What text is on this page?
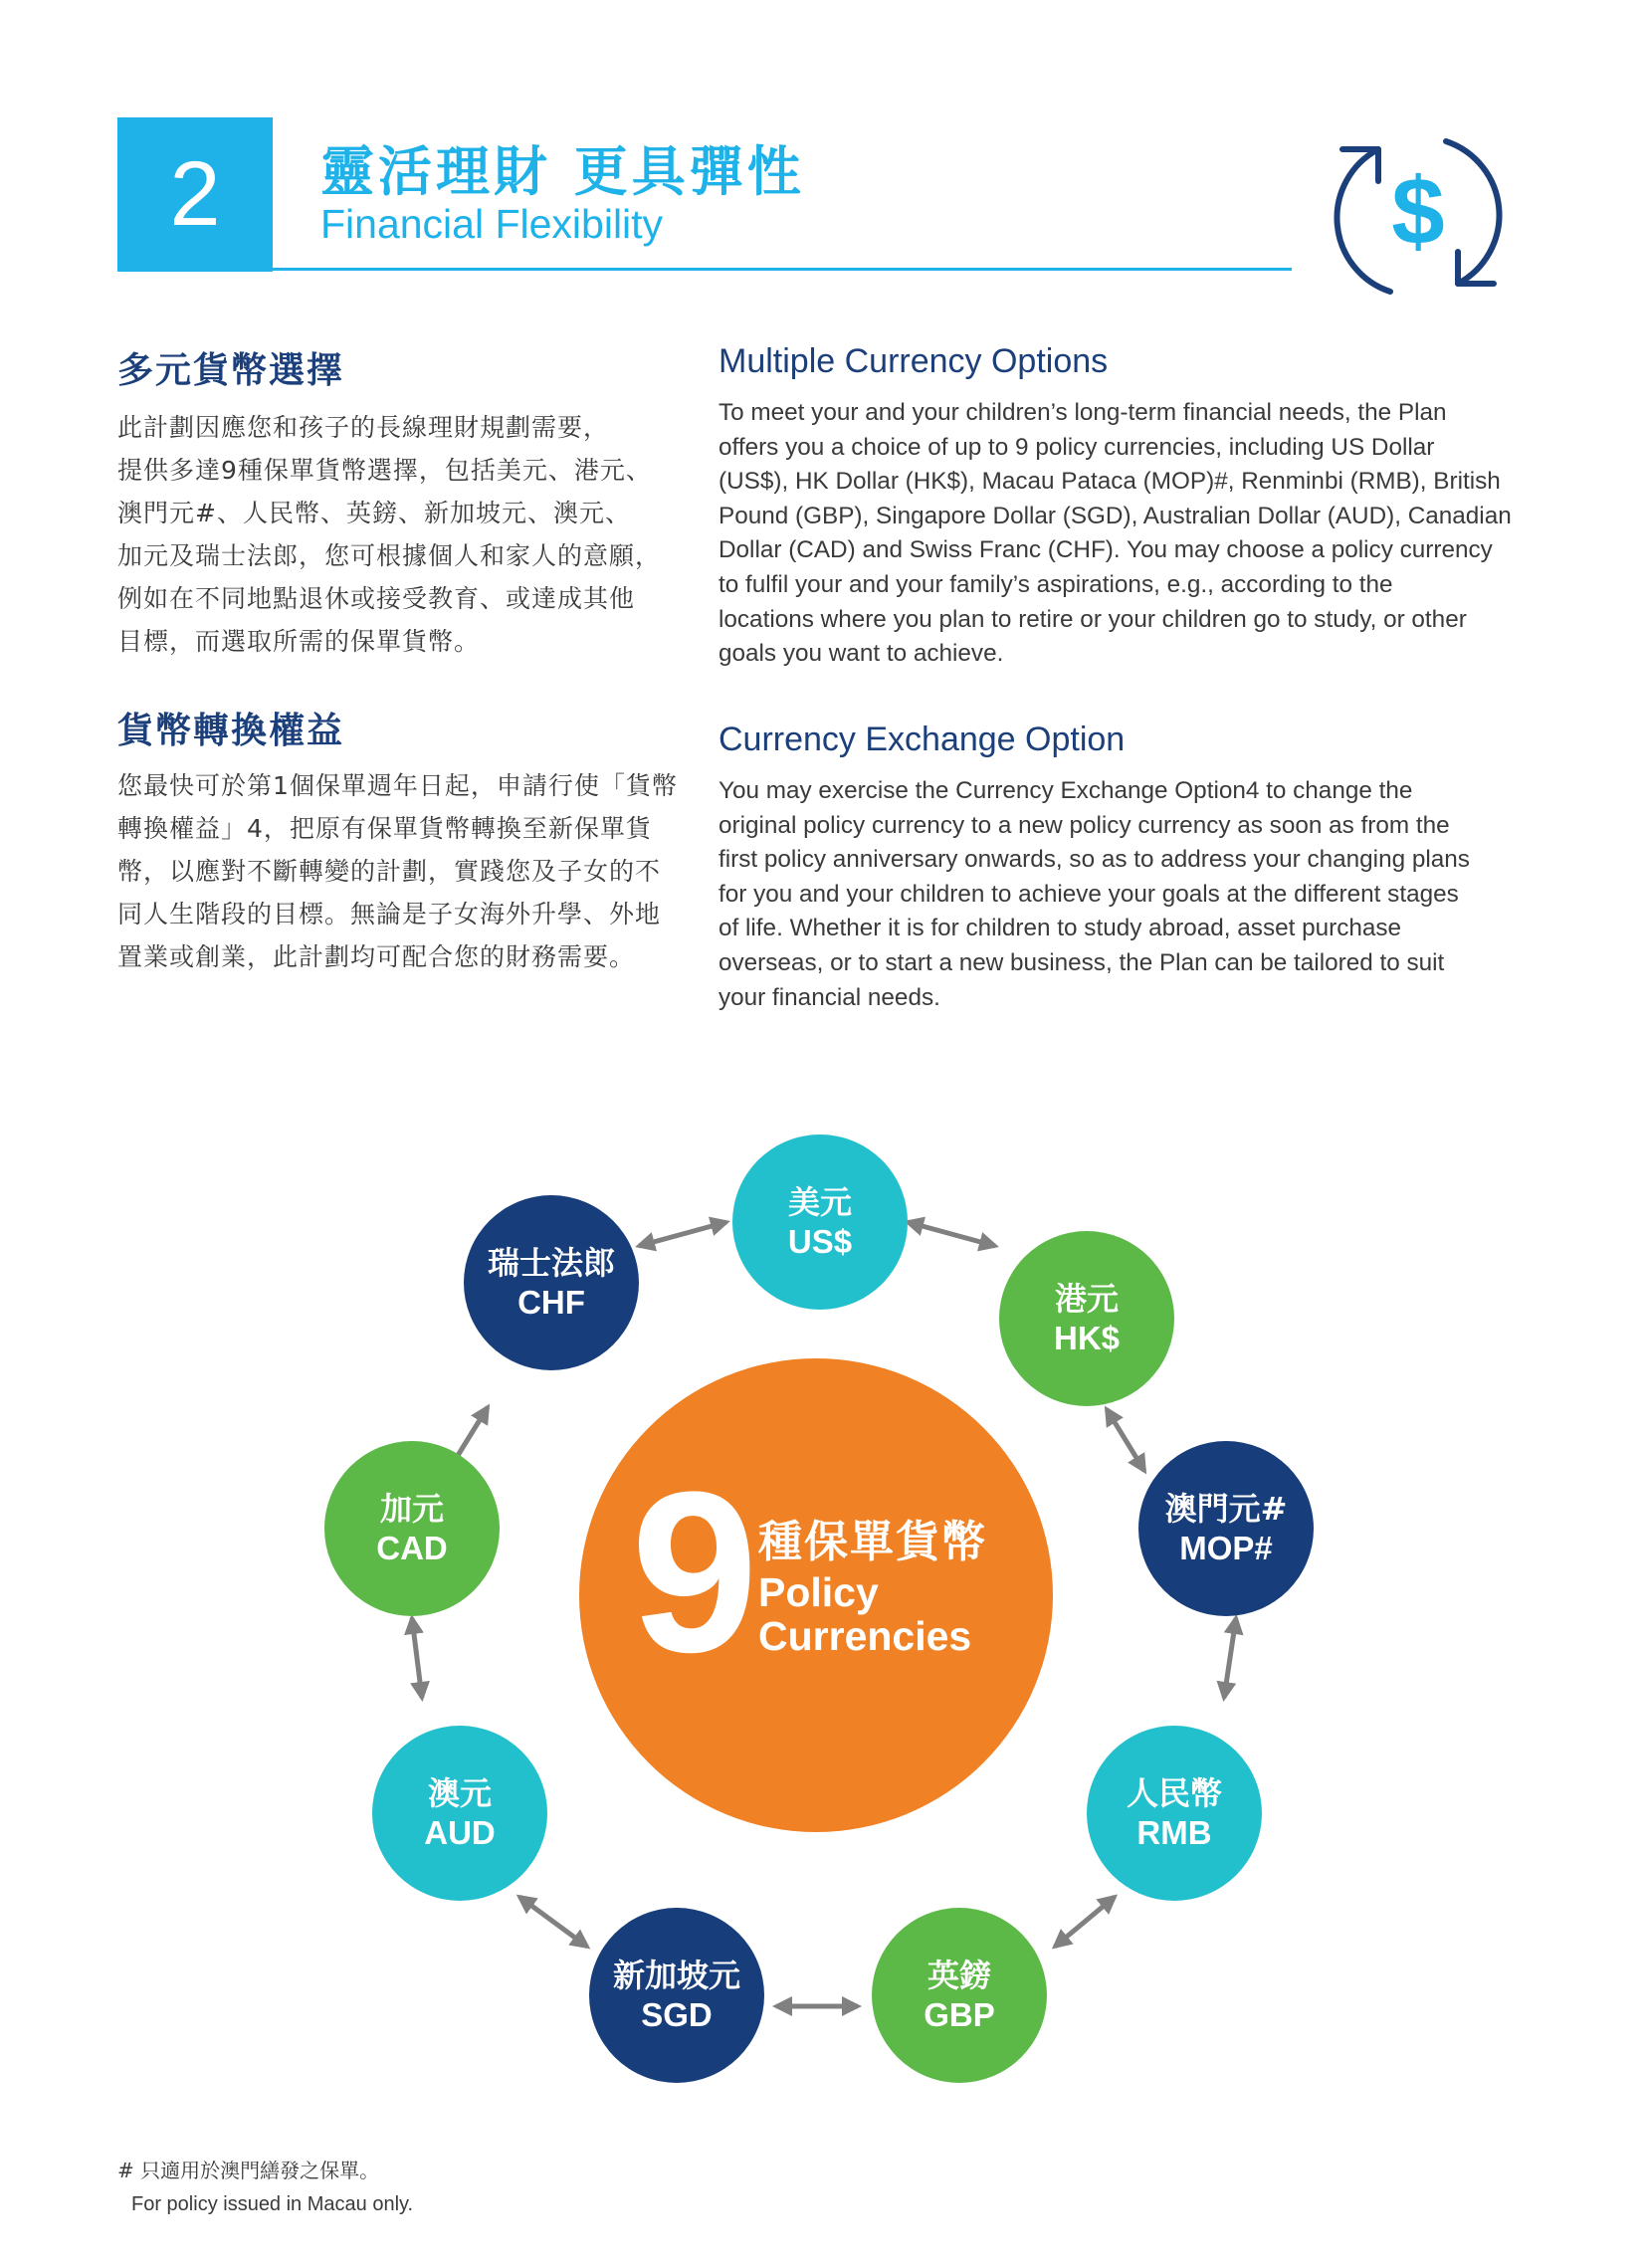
2	靈活理財 更具彈性
Financial Flexibility	$
多元貨幣選擇	Multiple Currency Options
此計劃因應您和孩子的長線理財規劃需要，
提供多達9種保單貨幣選擇，包括美元、港元、
澳門元#、人民幣、英鎊、新加坡元、澳元、
加元及瑞士法郎，您可根據個人和家人的意願，
例如在不同地點退休或接受教育、或達成其他
目標，而選取所需的保單貨幣。
To meet your and your children’s long-term financial needs, the Plan
offers you a choice of up to 9 policy currencies, including US Dollar
(US$), HK Dollar (HK$), Macau Pataca (MOP)#, Renminbi (RMB), British
Pound (GBP), Singapore Dollar (SGD), Australian Dollar (AUD), Canadian
Dollar (CAD) and Swiss Franc (CHF). You may choose a policy currency
to fulfil your and your family’s aspirations, e.g., according to the
locations where you plan to retire or your children go to study, or other
goals you want to achieve.
貨幣轉換權益	Currency Exchange Option
您最快可於第1個保單週年日起，申請行使「貨幣
轉換權益」4，把原有保單貨幣轉換至新保單貨
幣，以應對不斷轉變的計劃，實踐您及子女的不
同人生階段的目標。無論是子女海外升學、外地
置業或創業，此計劃均可配合您的財務需要。
You may exercise the Currency Exchange Option4 to change the
original policy currency to a new policy currency as soon as from the
first policy anniversary onwards, so as to address your changing plans
for you and your children to achieve your goals at the different stages
of life. Whether it is for children to study abroad, asset purchase
overseas, or to start a new business, the Plan can be tailored to suit
your financial needs.
9 種保單貨幣
Policy
Currencies
美元
US$
港元
HK$
澳門元#
MOP#
人民幣
RMB
英鎊
GBP
新加坡元
SGD
澳元
AUD
加元
CAD
瑞士法郎
CHF
# 只適用於澳門繕發之保單。
For policy issued in Macau only.
